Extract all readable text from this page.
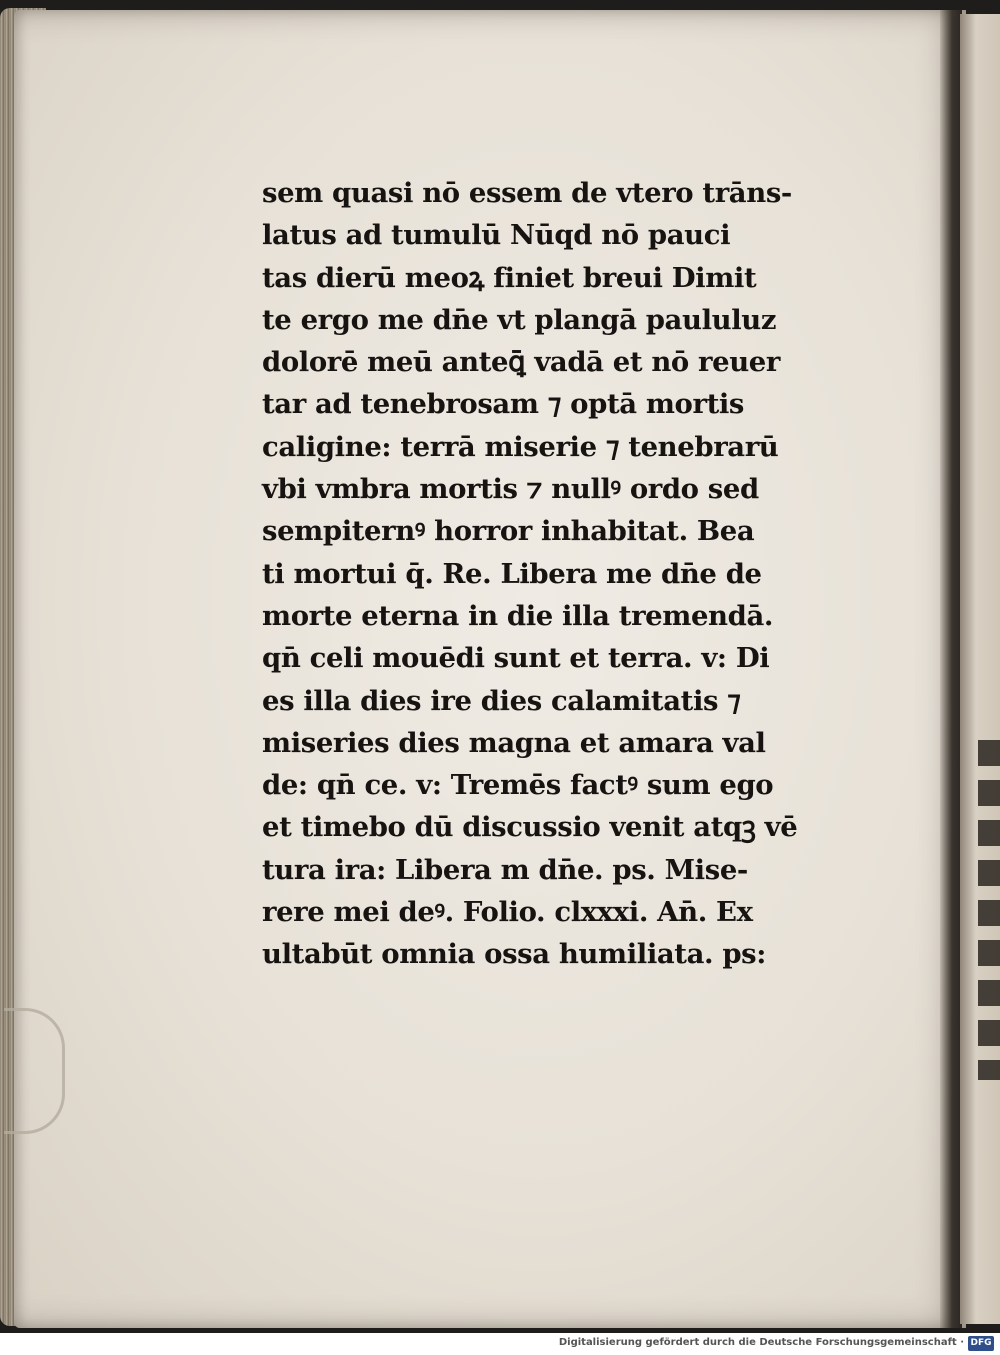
sem quasi nō essem de vtero trāns-
latus ad tumulū Nūqd nō pauci
tas dierū meoꝝ finiet breui Dimit
te ergo me dn̄e vt plangā paululuz
dolorē meū anteꝗ̄ vadā et nō reuer
tar ad tenebrosam ⁊ optā mortis
caligine: terrā miserie ⁊ tenebrarū
vbi vmbra mortis ⁊ nullꝰ ordo sed
sempiternꝰ horror inhabitat. Bea
ti mortui q̄. Re. Libera me dn̄e de
morte eterna in die illa tremendā.
qn̄ celi mouēdi sunt et terra. v: Di
es illa dies ire dies calamitatis ⁊
miseries dies magna et amara val
de: qn̄ ce. v: Tremēs factꝰ sum ego
et timebo dū discussio venit atqꝫ vē
tura ira: Libera m dn̄e. ps. Mise-
rere mei deꝰ. Folio. clxxxi. An̄. Ex
ultabūt omnia ossa humiliata. ps:
Digitalisierung gefördert durch die Deutsche Forschungsgemeinschaft · DFG
